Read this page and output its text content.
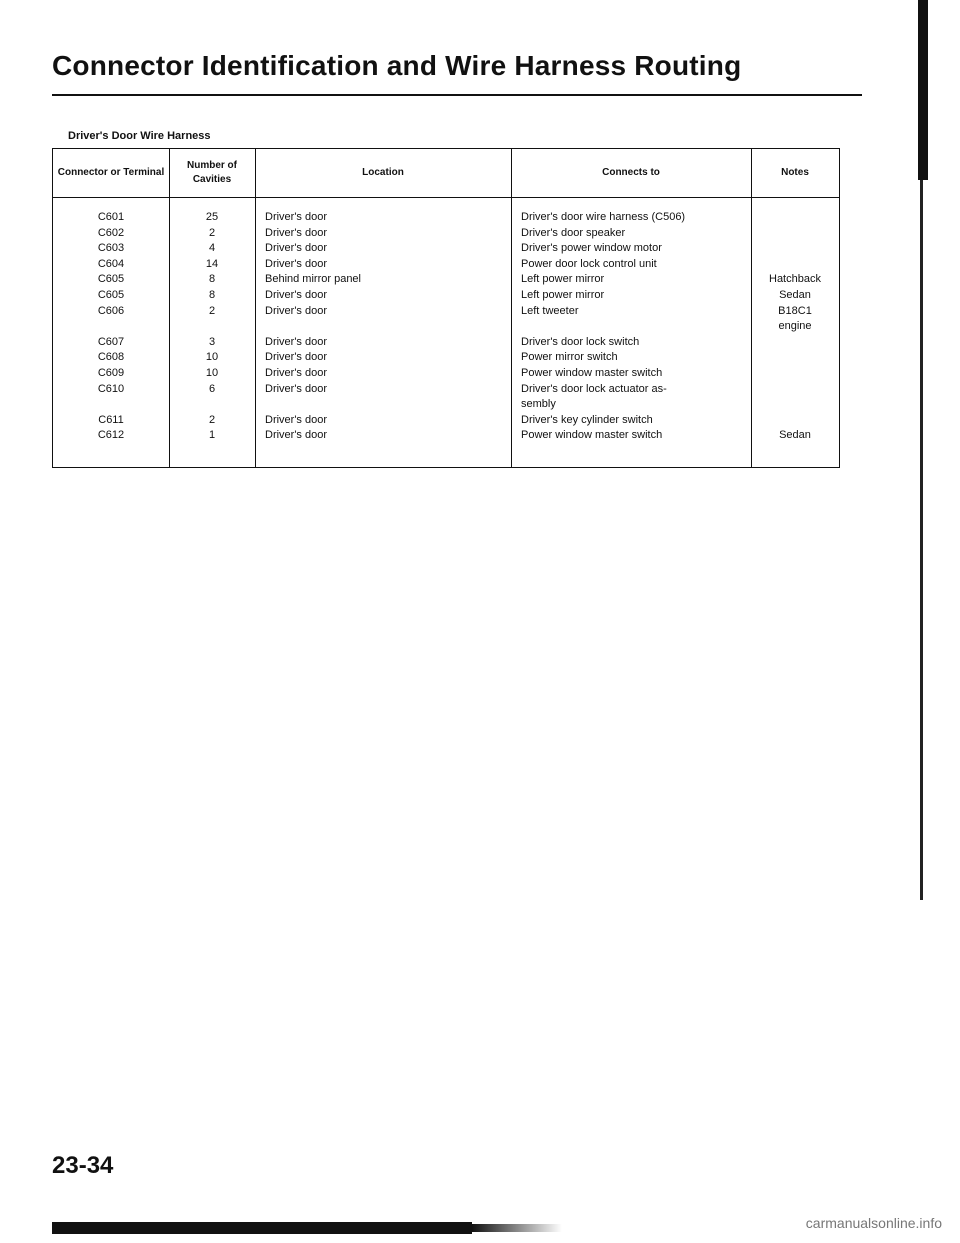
Connector Identification and Wire Harness Routing
Driver's Door Wire Harness
Connector or Terminal
Number of Cavities
Location	Connects to	Notes
C601
C602
C603
C604
C605
C605
C606
C607
C608
C609
C610
C611
C612
25
2
4
14
8
8
2
3
10
10
6
2
1
Driver's door
Driver's door
Driver's door
Driver's door
Behind mirror panel
Driver's door
Driver's door
Driver's door
Driver's door
Driver's door
Driver's door
Driver's door
Driver's door
Driver's door wire harness (C506)
Driver's door speaker
Driver's power window motor
Power door lock control unit
Left power mirror
Left power mirror
Left tweeter
Driver's door lock switch
Power mirror switch
Power window master switch
Driver's door lock actuator as-
sembly
Driver's key cylinder switch
Power window master switch
Hatchback
Sedan
B18C1
engine
Sedan

23-34

carmanualsonline.info
